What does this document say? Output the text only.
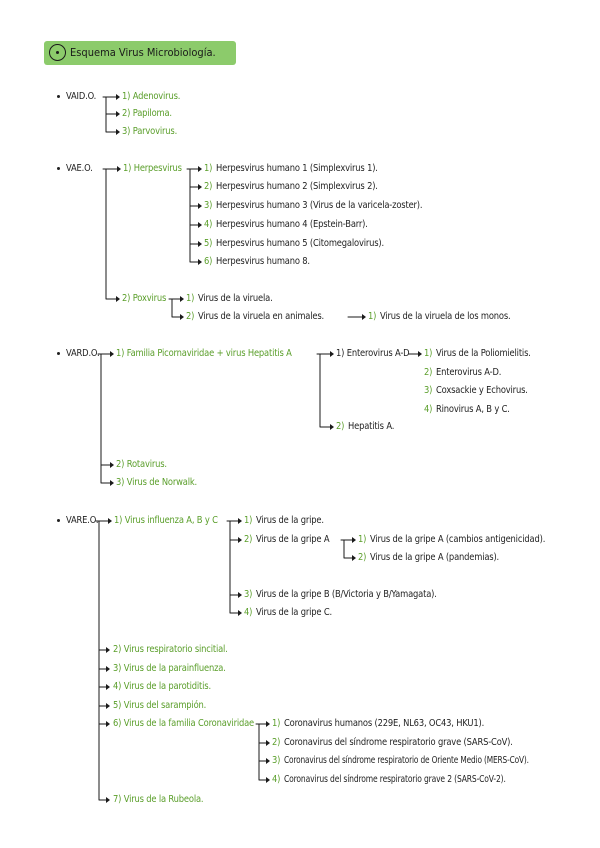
Esquema Virus Microbiología.
VAID.O.	1) Adenovirus.
2) Papiloma.
3) Parvovirus.
VAE.O.	1) Herpesvirus 1) Herpesvirus humano 1 (Simplexvirus 1).
2) Herpesvirus humano 2 (Simplexvirus 2).
3) Herpesvirus humano 3 (Virus de la varicela-zoster).
4) Herpesvirus humano 4 (Epstein-Barr).
5) Herpesvirus humano 5 (Citomegalovirus).
6) Herpesvirus humano 8.
2) Poxvirus 1) Virus de la viruela.
2) Virus de la viruela en animales.	1) Virus de la viruela de los monos.
VARD.O. 1) Familia Picornaviridae + virus Hepatitis A	1) Enterovirus A-D 1) Virus de la Poliomielitis.
2) Enterovirus A-D.
3) Coxsackie y Echovirus.
4) Rinovirus A, B y C.
2) Hepatitis A.
2) Rotavirus.
3) Virus de Norwalk.
VARE.O. 1) Virus influenza A, B y C	1) Virus de la gripe.
2) Virus de la gripe A	1) Virus de la gripe A (cambios antigenicidad).
2) Virus de la gripe A (pandemias).
3) Virus de la gripe B (B/Victoria y B/Yamagata).
4) Virus de la gripe C.
2) Virus respiratorio sincitial.
3) Virus de la parainfluenza.
4) Virus de la parotiditis.
5) Virus del sarampión.
6) Virus de la familia Coronaviridae 1) Coronavirus humanos (229E, NL63, OC43, HKU1).
2) Coronavirus del síndrome respiratorio grave (SARS-CoV).
3) Coronavirus del síndrome respiratorio de Oriente Medio (MERS-CoV).
4) Coronavirus del síndrome respiratorio grave 2 (SARS-CoV-2).
7) Virus de la Rubeola.
